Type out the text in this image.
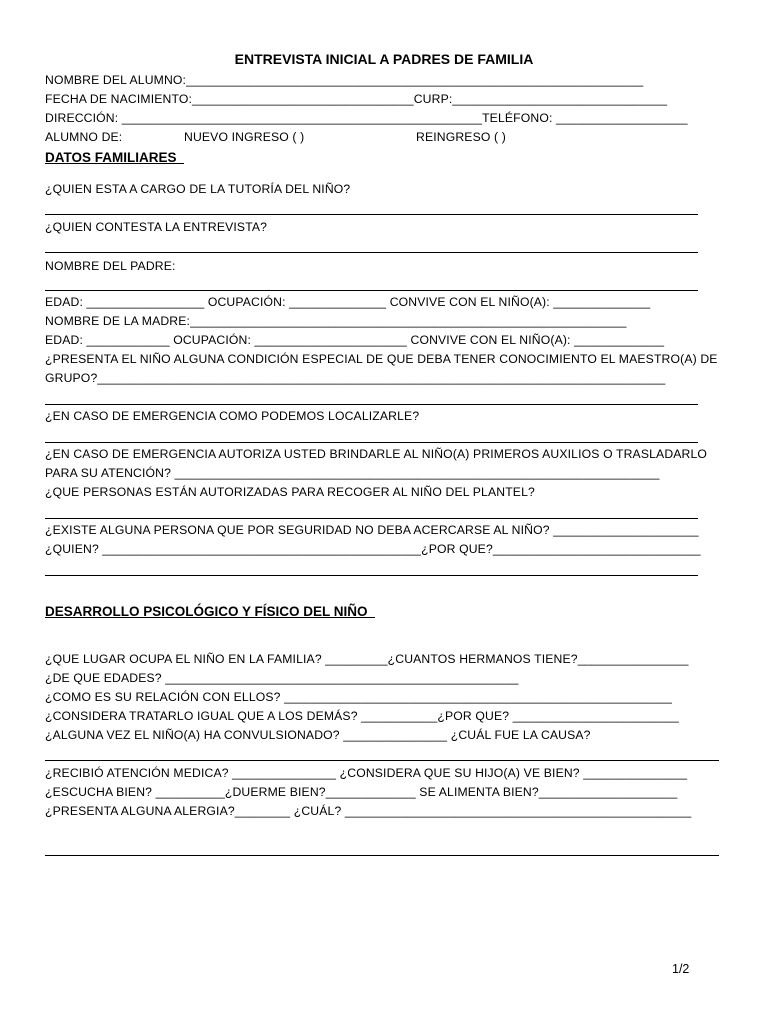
ENTREVISTA INICIAL A PADRES DE FAMILIA
NOMBRE DEL ALUMNO:__________________________________________________________________
FECHA DE NACIMIENTO:________________________________CURP:_______________________________
DIRECCIÓN: ____________________________________________________TELÉFONO: ___________________
ALUMNO DE:	NUEVO INGRESO ( )	REINGRESO ( )
DATOS FAMILIARES
¿QUIEN ESTA A CARGO DE LA TUTORÍA DEL NIÑO?
¿QUIEN CONTESTA LA ENTREVISTA?
NOMBRE DEL PADRE:
EDAD: _________________ OCUPACIÓN: ______________ CONVIVE CON EL NIÑO(A): ______________
NOMBRE DE LA MADRE:_______________________________________________________________
EDAD: ____________ OCUPACIÓN: ______________________ CONVIVE CON EL NIÑO(A): _____________
¿PRESENTA EL NIÑO ALGUNA CONDICIÓN ESPECIAL DE QUE DEBA TENER CONOCIMIENTO EL MAESTRO(A) DE
GRUPO?__________________________________________________________________________________
¿EN CASO DE EMERGENCIA COMO PODEMOS LOCALIZARLE?
¿EN CASO DE EMERGENCIA AUTORIZA USTED BRINDARLE AL NIÑO(A) PRIMEROS AUXILIOS O TRASLADARLO
PARA SU ATENCIÓN? ______________________________________________________________________
¿QUE PERSONAS ESTÁN AUTORIZADAS PARA RECOGER AL NIÑO DEL PLANTEL?
¿EXISTE ALGUNA PERSONA QUE POR SEGURIDAD NO DEBA ACERCARSE AL NIÑO? _____________________
¿QUIEN? ______________________________________________¿POR QUE?______________________________
DESARROLLO PSICOLÓGICO Y FÍSICO DEL NIÑO
¿QUE LUGAR OCUPA EL NIÑO EN LA FAMILIA? _________¿CUANTOS HERMANOS TIENE?________________
¿DE QUE EDADES? ___________________________________________________
¿COMO ES SU RELACIÓN CON ELLOS? ________________________________________________________
¿CONSIDERA TRATARLO IGUAL QUE A LOS DEMÁS? ___________¿POR QUE? ________________________
¿ALGUNA VEZ EL NIÑO(A) HA CONVULSIONADO? _______________ ¿CUÁL FUE LA CAUSA?
¿RECIBIÓ ATENCIÓN MEDICA? _______________ ¿CONSIDERA QUE SU HIJO(A) VE BIEN? _______________
¿ESCUCHA BIEN? __________¿DUERME BIEN?_____________ SE ALIMENTA BIEN?____________________
¿PRESENTA ALGUNA ALERGIA?________ ¿CUÁL? __________________________________________________
1/2
